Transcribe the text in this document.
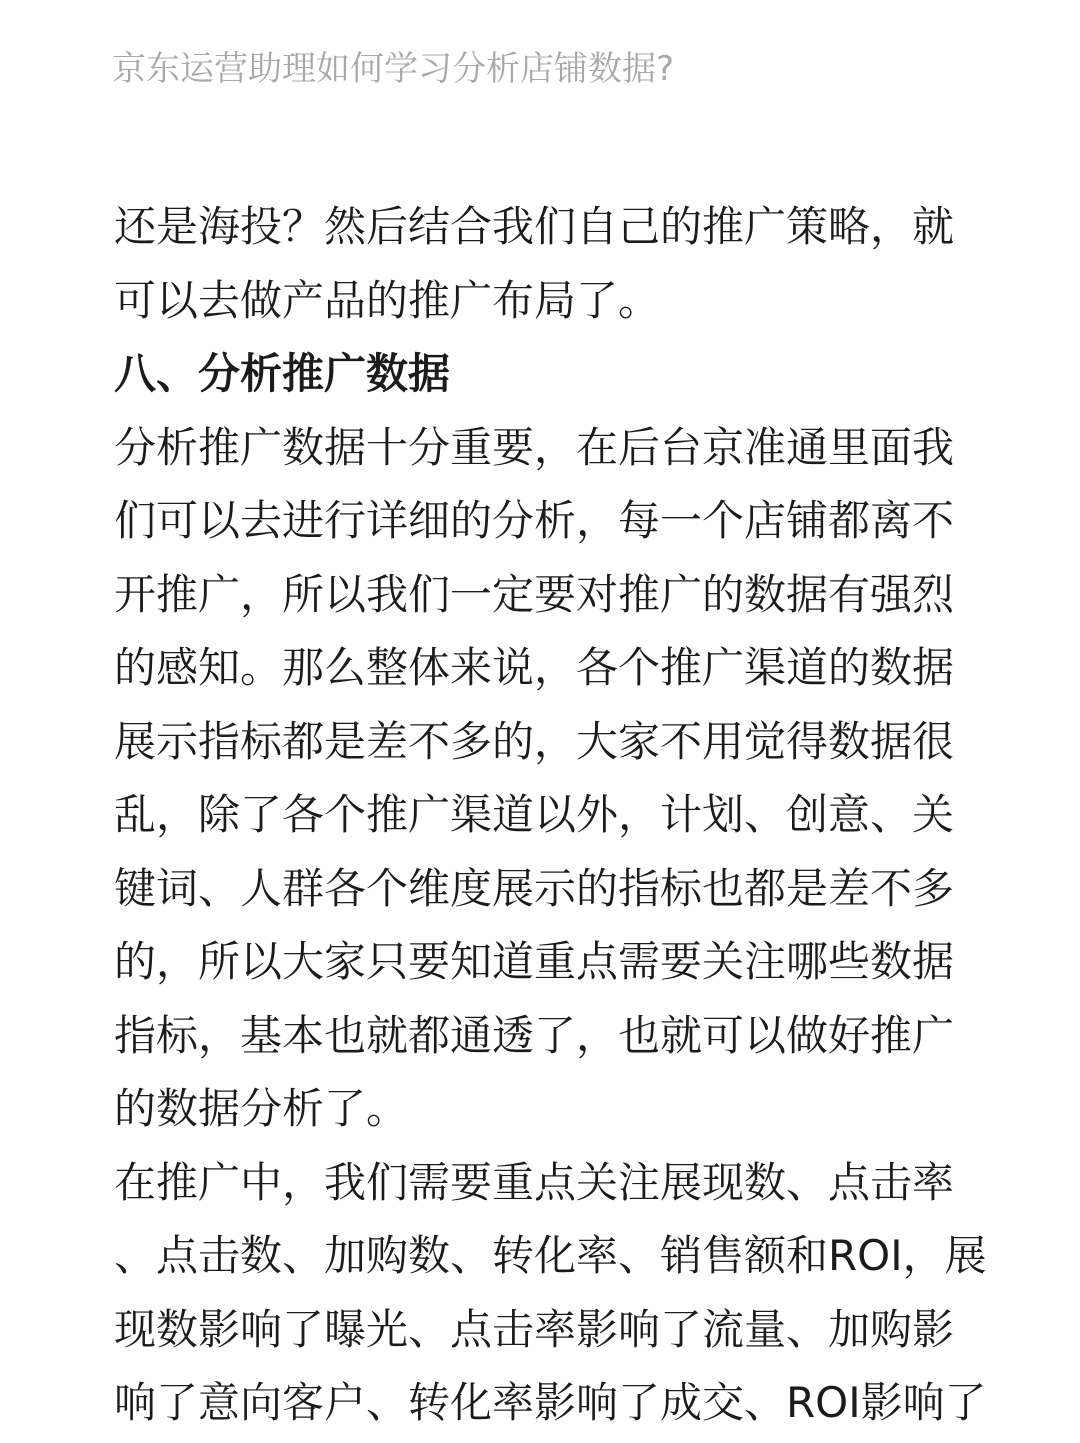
京东运营助理如何学习分析店铺数据?
还是海投？然后结合我们自己的推广策略，就
可以去做产品的推广布局了。
八、分析推广数据
分析推广数据十分重要，在后台京准通里面我
们可以去进行详细的分析，每一个店铺都离不
开推广，所以我们一定要对推广的数据有强烈
的感知。那么整体来说，各个推广渠道的数据
展示指标都是差不多的，大家不用觉得数据很
乱，除了各个推广渠道以外，计划、创意、关
键词、人群各个维度展示的指标也都是差不多
的，所以大家只要知道重点需要关注哪些数据
指标，基本也就都通透了，也就可以做好推广
的数据分析了。
在推广中，我们需要重点关注展现数、点击率
、点击数、加购数、转化率、销售额和ROI，展
现数影响了曝光、点击率影响了流量、加购影
响了意向客户、转化率影响了成交、ROI影响了
